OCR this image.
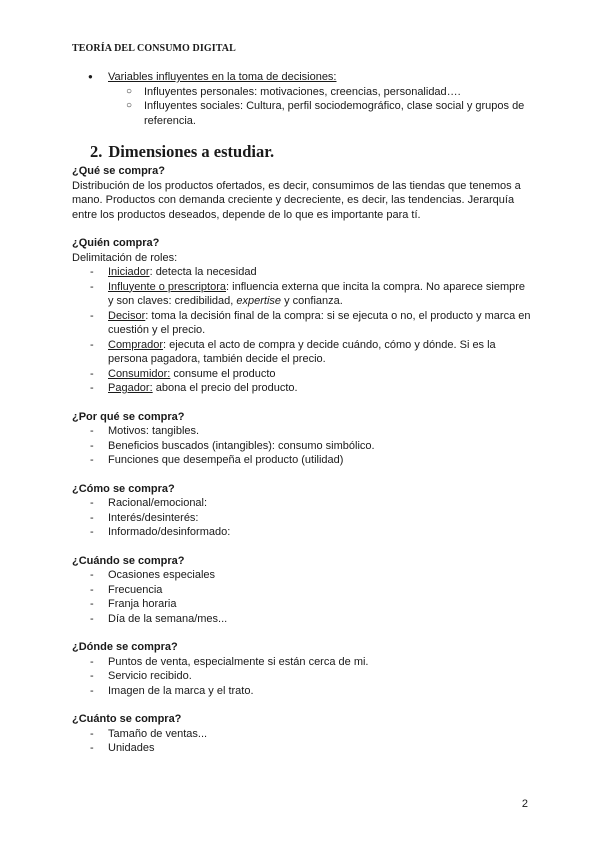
TEORÍA DEL CONSUMO DIGITAL
● Variables influyentes en la toma de decisiones:
○ Influyentes personales: motivaciones, creencias, personalidad….
○ Influyentes sociales: Cultura, perfil sociodemográfico, clase social y grupos de referencia.
2. Dimensiones a estudiar.

¿Qué se compra?

Distribución de los productos ofertados, es decir, consumimos de las tiendas que tenemos a mano. Productos con demanda creciente y decreciente, es decir, las tendencias. Jerarquía entre los productos deseados, depende de lo que es importante para tí.

¿Quién compra?

Delimitación de roles:

- Iniciador: detecta la necesidad
- Influyente o prescriptora: influencia externa que incita la compra. No aparece siempre y son claves: credibilidad, expertise y confianza.
- Decisor: toma la decisión final de la compra: si se ejecuta o no, el producto y marca en cuestión y el precio.
- Comprador: ejecuta el acto de compra y decide cuándo, cómo y dónde. Si es la persona pagadora, también decide el precio.
- Consumidor: consume el producto
- Pagador: abona el precio del producto.

¿Por qué se compra?

- Motivos: tangibles.
- Beneficios buscados (intangibles): consumo simbólico.
- Funciones que desempeña el producto (utilidad)

¿Cómo se compra?

- Racional/emocional:
- Interés/desinterés:
- Informado/desinformado:

¿Cuándo se compra?

- Ocasiones especiales
- Frecuencia
- Franja horaria
- Día de la semana/mes...

¿Dónde se compra?

- Puntos de venta, especialmente si están cerca de mi.
- Servicio recibido.
- Imagen de la marca y el trato.

¿Cuánto se compra?

- Tamaño de ventas...
- Unidades
2
